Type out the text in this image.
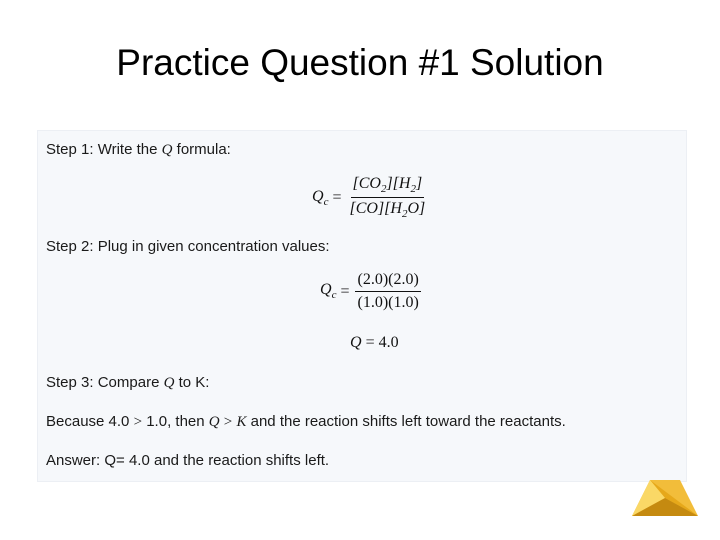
Practice Question #1 Solution
Step 1: Write the Q formula:
$Q_c = \frac{[CO_2][H_2]}{[CO][H_2O]}$
Step 2: Plug in given concentration values:
$Q_c = \frac{(2.0)(2.0)}{(1.0)(1.0)}$
Q
= 4.0
Step 3: Compare Q to K:
Because 4.0 > 1.0, then Q > K and the reaction shifts left toward the reactants.
Answer: Q= 4.0 and the reaction shifts left.
